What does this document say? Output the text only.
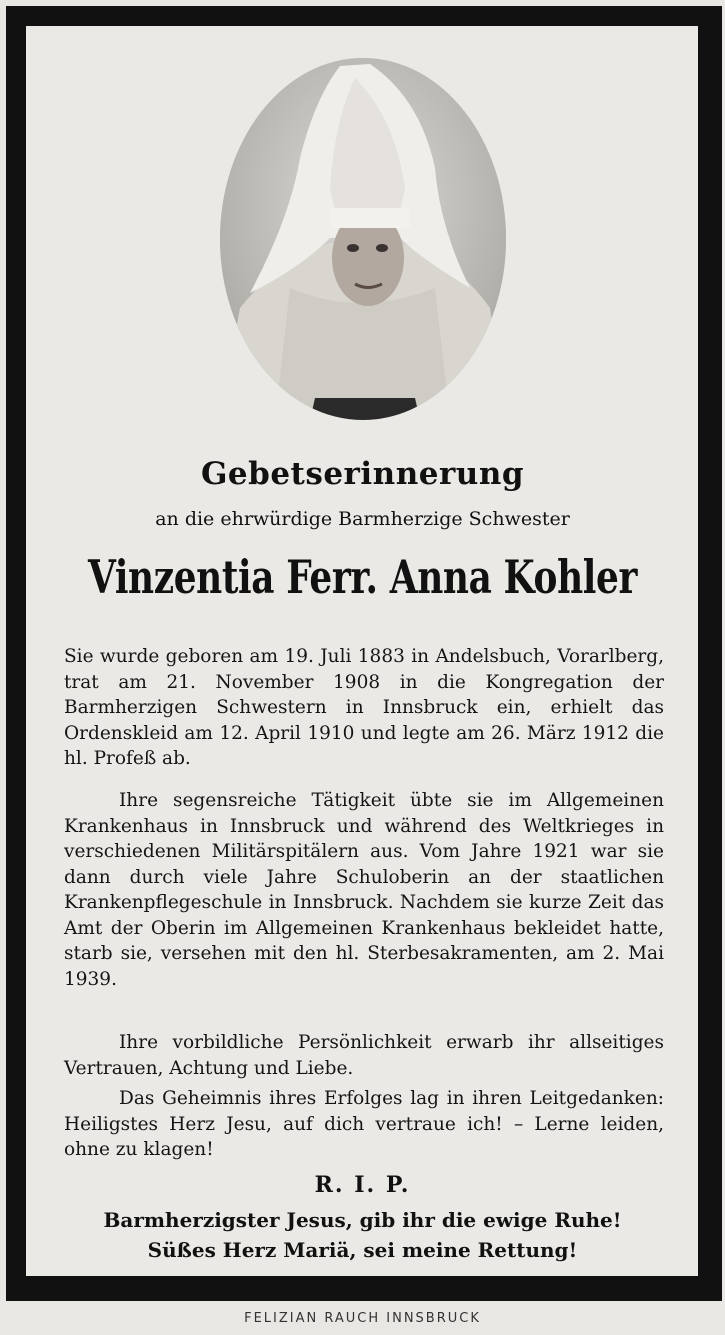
Gebetserinnerung
an die ehrwürdige Barmherzige Schwester
Vinzentia Ferr. Anna Kohler

Sie wurde geboren am 19. Juli 1883 in Andelsbuch, Vorarlberg, trat am 21. November 1908 in die Kongregation der Barmherzigen Schwestern in Innsbruck ein, erhielt das Ordenskleid am 12. April 1910 und legte am 26. März 1912 die hl. Profeß ab.

Ihre segensreiche Tätigkeit übte sie im Allgemeinen Krankenhaus in Innsbruck und während des Weltkrieges in verschiedenen Militärspitälern aus. Vom Jahre 1921 war sie dann durch viele Jahre Schuloberin an der staatlichen Krankenpflegeschule in Innsbruck. Nachdem sie kurze Zeit das Amt der Oberin im Allgemeinen Krankenhaus bekleidet hatte, starb sie, versehen mit den hl. Sterbesakramenten, am 2. Mai 1939.

Ihre vorbildliche Persönlichkeit erwarb ihr allseitiges Vertrauen, Achtung und Liebe.

Das Geheimnis ihres Erfolges lag in ihren Leitgedanken: Heiligstes Herz Jesu, auf dich vertraue ich! – Lerne leiden, ohne zu klagen!

R. I. P.
Barmherzigster Jesus, gib ihr die ewige Ruhe!
Süßes Herz Mariä, sei meine Rettung!
FELIZIAN RAUCH INNSBRUCK
